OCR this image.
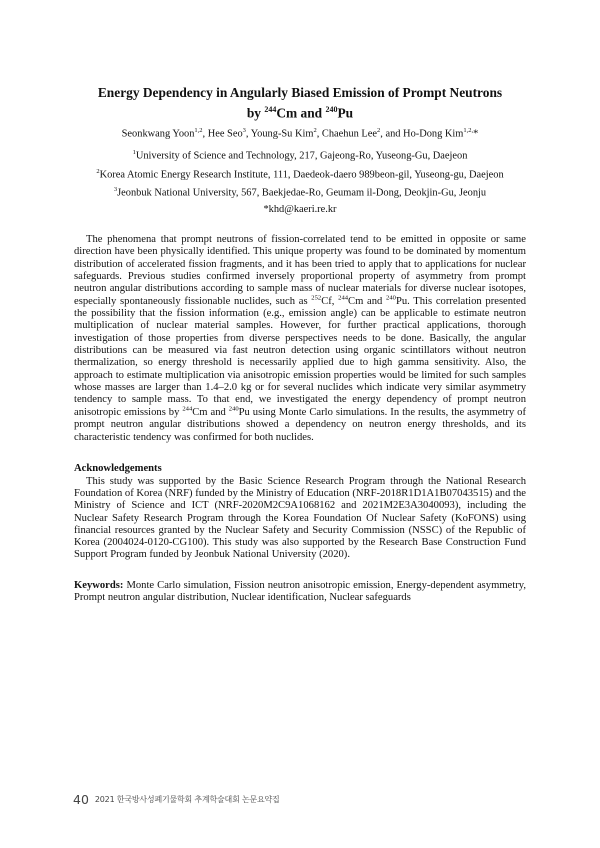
Energy Dependency in Angularly Biased Emission of Prompt Neutrons
by $^{244}$Cm and $^{240}$Pu
Seonkwang Yoon$^{1,2}$, Hee Seo$^3$, Young-Su Kim$^2$, Chaehun Lee$^2$, and Ho-Dong Kim$^{1,2,}$*
$^1$University of Science and Technology, 217, Gajeong-Ro, Yuseong-Gu, Daejeon
$^2$Korea Atomic Energy Research Institute, 111, Daedeok-daero 989beon-gil, Yuseong-gu, Daejeon
$^3$Jeonbuk National University, 567, Baekjedae-Ro, Geumam il-Dong, Deokjin-Gu, Jeonju
*khd@kaeri.re.kr

The phenomena that prompt neutrons of fission-correlated tend to be emitted in opposite or same direction have been physically identified. This unique property was found to be dominated by momentum distribution of accelerated fission fragments, and it has been tried to apply that to applications for nuclear safeguards. Previous studies confirmed inversely proportional property of asymmetry from prompt neutron angular distributions according to sample mass of nuclear materials for diverse nuclear isotopes, especially spontaneously fissionable nuclides, such as $^{252}$Cf, $^{244}$Cm and $^{240}$Pu. This correlation presented the possibility that the fission information (e.g., emission angle) can be applicable to estimate neutron multiplication of nuclear material samples. However, for further practical applications, thorough investigation of those properties from diverse perspectives needs to be done. Basically, the angular distributions can be measured via fast neutron detection using organic scintillators without neutron thermalization, so energy threshold is necessarily applied due to high gamma sensitivity. Also, the approach to estimate multiplication via anisotropic emission properties would be limited for such samples whose masses are larger than 1.4–2.0 kg or for several nuclides which indicate very similar asymmetry tendency to sample mass. To that end, we investigated the energy dependency of prompt neutron anisotropic emissions by $^{244}$Cm and $^{240}$Pu using Monte Carlo simulations. In the results, the asymmetry of prompt neutron angular distributions showed a dependency on neutron energy thresholds, and its characteristic tendency was confirmed for both nuclides.

Acknowledgements

This study was supported by the Basic Science Research Program through the National Research Foundation of Korea (NRF) funded by the Ministry of Education (NRF-2018R1D1A1B07043515) and the Ministry of Science and ICT (NRF-2020M2C9A1068162 and 2021M2E3A3040093), including the Nuclear Safety Research Program through the Korea Foundation Of Nuclear Safety (KoFONS) using financial resources granted by the Nuclear Safety and Security Commission (NSSC) of the Republic of Korea (2004024-0120-CG100). This study was also supported by the Research Base Construction Fund Support Program funded by Jeonbuk National University (2020).

Keywords: Monte Carlo simulation, Fission neutron anisotropic emission, Energy-dependent asymmetry, Prompt neutron angular distribution, Nuclear identification, Nuclear safeguards

40 2021 한국방사성폐기물학회 추계학술대회 논문요약집
